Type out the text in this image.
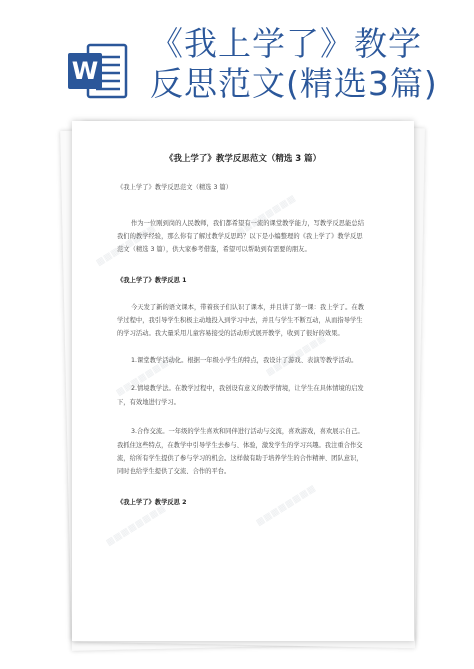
W
《我上学了》教学
反思范文(精选3篇)
《我上学了》教学反思范文（精选 3 篇）
《我上学了》教学反思范文（精选 3 篇）
作为一位刚到岗的人民教师，我们都希望有一流的课堂教学能力，写教学反思能总结
我们的教学经验，那么你有了解过教学反思吗？以下是小编整理的《我上学了》教学反思
范文（精选 3 篇），供大家参考借鉴，希望可以帮助到有需要的朋友。
《我上学了》教学反思 1
今天发了新的语文课本，带着孩子们认识了课本，并且讲了第一课：我上学了。在教
学过程中，我引导学生积极主动地投入到学习中去，并且与学生不断互动，从而指导学生
的学习活动。我大量采用儿童容易接受的活动形式展开教学，收到了很好的效果。
1.课堂教学活动化。根据一年级小学生的特点，我设计了游戏、表演等教学活动。
2.情境教学法。在教学过程中，我创设有意义的教学情境，让学生在具体情境的启发
下，有效地进行学习。
3.合作交流。一年级的学生喜欢和同伴进行活动与交流，喜欢游戏，喜欢展示自己。
我抓住这些特点，在教学中引导学生去参与、体验，激发学生的学习兴趣。我注重合作交
流，给所有学生提供了参与学习的机会。这样做有助于培养学生的合作精神、团队意识，
同时也给学生提供了交流、合作的平台。
《我上学了》教学反思 2
▦▦▦▦▦▦▦▦
▦▦▦▦▦▦▦▦
▦▦▦▦▦▦▦▦	▦▦▦▦▦▦▦▦
▦▦▦▦▦▦▦▦	▦▦▦▦▦▦▦▦
